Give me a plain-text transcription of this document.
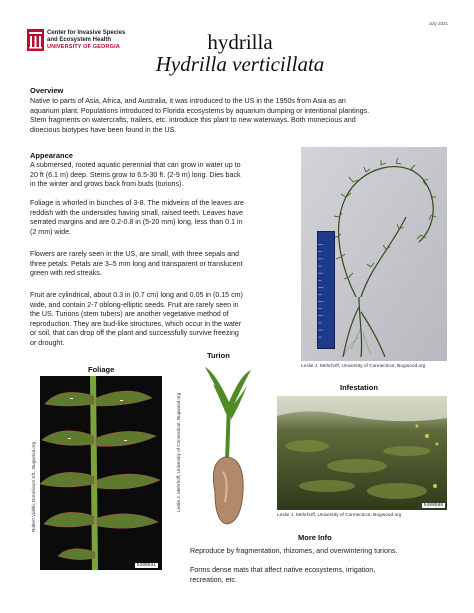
July 2021
Center for Invasive Species
and Ecosystem Health
UNIVERSITY OF GEORGIA	hydrilla
Hydrilla verticillata
Overview
Native to parts of Asia, Africa, and Australia, it was introduced to the US in the 1950s from Asia as an
aquarium plant. Populations introduced to Florida ecosystems by aquarium dumping or intentional plantings.
Stem fragments on watercrafts, trailers, etc. introduce this plant to new waterways. Both monecious and
dioecious biotypes have been found in the US.
Appearance
A submersed, rooted aquatic perennial that can grow in water up to
20 ft (6.1 m) deep. Stems grow to 6.5-30 ft. (2-9 m) long. Dies back
in the winter and grows back from buds (turions).
Foliage is whorled in bunches of 3-8. The midveins of the leaves are
reddish with the undersides having small, raised teeth. Leaves have
serrated margins and are 0.2-0.8 in (5-20 mm) long, less than 0.1 in
(2 mm) wide.
Flowers are rarely seen in the US, are small, with three sepals and
three petals. Petals are 3–5 mm long and transparent or translucent
green with red streaks.
Fruit are cylindrical, about 0.3 in (0.7 cm) long and 0.05 in (0.15 cm)
wide, and contain 2-7 oblong-elliptic seeds. Fruit are rarely seen in
the US. Turions (stem tubers) are another vegetative method of
reproduction. They are bud-like structures, which occur in the water
or soil, that can drop off the plant and successfully survive freezing
or drought.
Leslie J. Mehrhoff, University of Connecticut, Bugwood.org
Foliage
5399531
Robert Vidéki, Doronicum Kft., Bugwood.org
Turion
Leslie J. Mehrhoff, University of Connecticut, Bugwood.org
Infestation
5480588
Leslie J. Mehrhoff, University of Connecticut, Bugwood.org
More Info
Reproduce by fragmentation, rhizomes, and overwintering turions.
Forms dense mats that affect native ecosystems, irrigation,
recreation, etc.
